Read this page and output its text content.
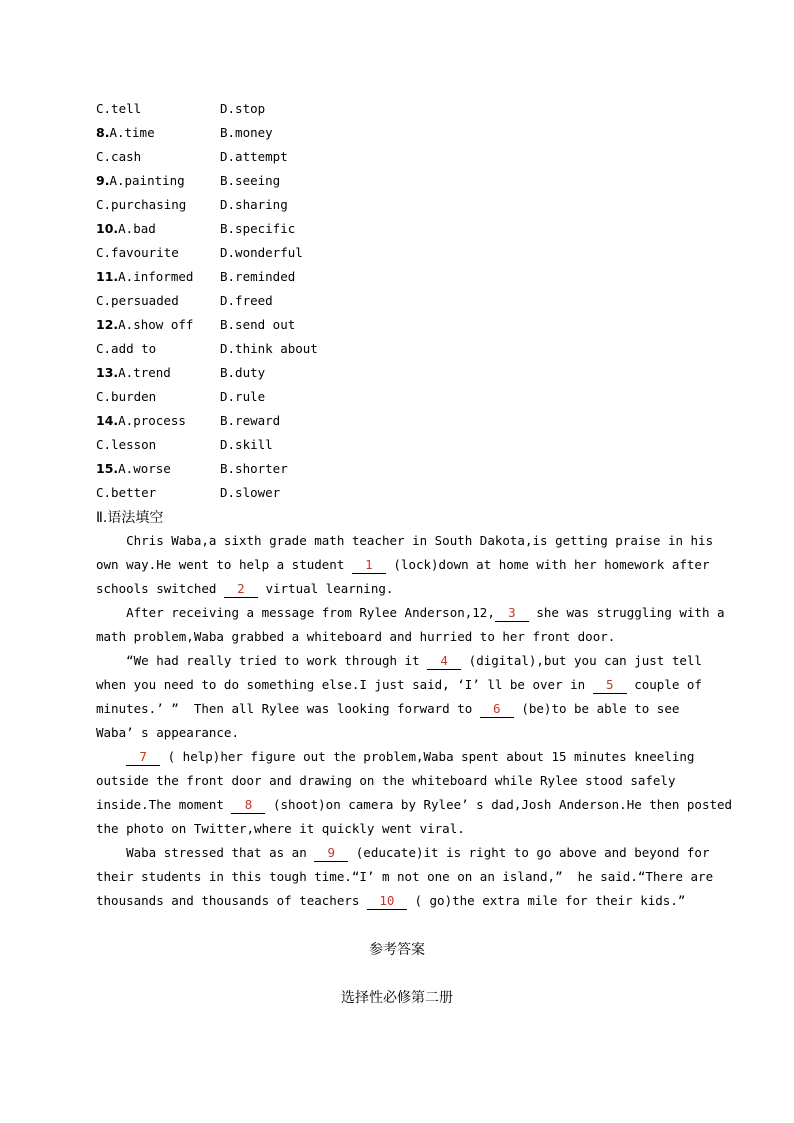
C.tell	D.stop
8.A.time	B.money
C.cash	D.attempt
9.A.painting	B.seeing
C.purchasing	D.sharing
10.A.bad	B.specific
C.favourite	D.wonderful
11.A.informed B.reminded
C.persuaded	D.freed
12.A.show off B.send out
C.add to	D.think about
13.A.trend	B.duty
C.burden	D.rule
14.A.process	B.reward
C.lesson	D.skill
15.A.worse	B.shorter
C.better	D.slower
Ⅱ.语法填空
Chris Waba,a sixth grade math teacher in South Dakota,is getting praise in his
own way.He went to help a student 1 (lock)down at home with her homework after
schools switched 2 virtual learning.
After receiving a message from Rylee Anderson,12, 3 she was struggling with a
math problem,Waba grabbed a whiteboard and hurried to her front door.
“We had really tried to work through it 4 (digital),but you can just tell
when you need to do something else.I just said, ‘I’ ll be over in 5 couple of
minutes.’ ”  Then all Rylee was looking forward to 6 (be)to be able to see
Waba’ s appearance.
7 ( help)her figure out the problem,Waba spent about 15 minutes kneeling
outside the front door and drawing on the whiteboard while Rylee stood safely
inside.The moment 8 (shoot)on camera by Rylee’ s dad,Josh Anderson.He then posted
the photo on Twitter,where it quickly went viral.
Waba stressed that as an 9 (educate)it is right to go above and beyond for
their students in this tough time.“I’ m not one on an island,”  he said.“There are
thousands and thousands of teachers 10 ( go)the extra mile for their kids.”
参考答案
选择性必修第二册
